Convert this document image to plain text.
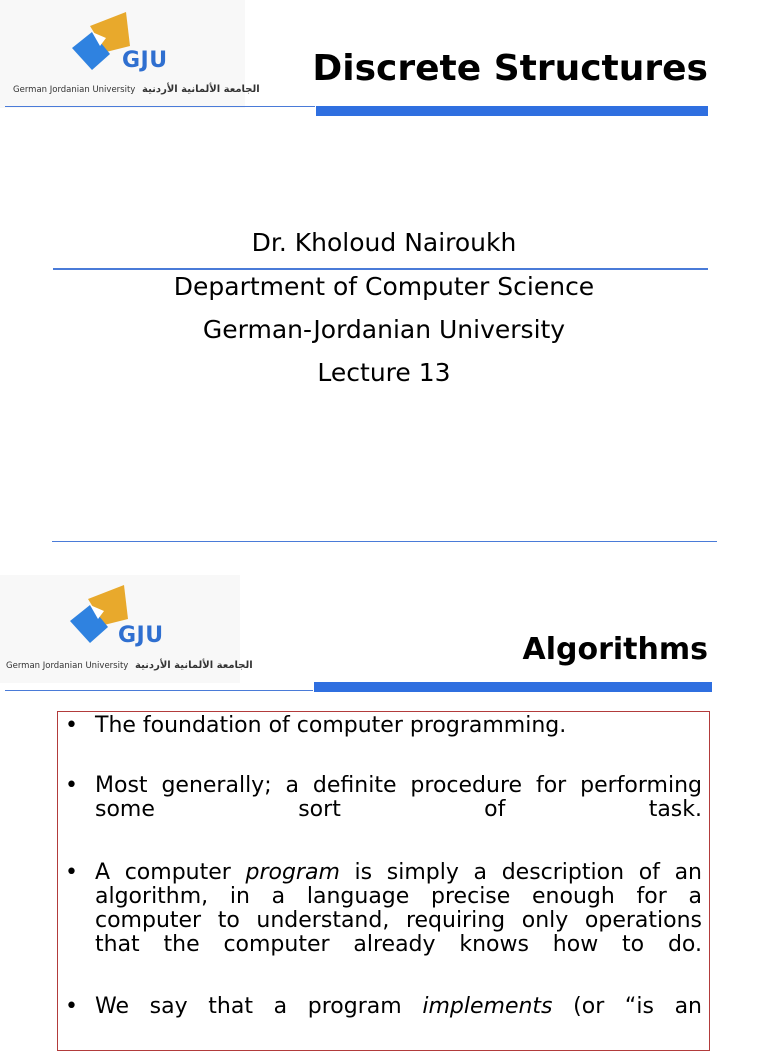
GJU
German Jordanian University الجامعة الألمانية الأردنية
Discrete Structures
Dr. Kholoud Nairoukh
Department of Computer Science
German-Jordanian University
Lecture 13
GJU
German Jordanian University الجامعة الألمانية الأردنية	Algorithms
• The foundation of computer programming.
• Most generally; a definite procedure for performing some sort of task.
• A computer program is simply a description of an algorithm, in a language precise enough for a computer to understand, requiring only operations that the computer already knows how to do.
• We say that a program implements (or “is an
